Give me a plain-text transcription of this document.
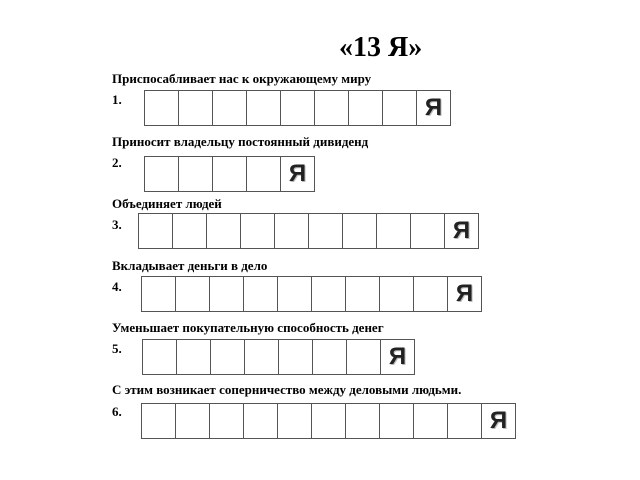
«13 Я»
Приспосабливает нас к окружающему миру
1.	Я
Приносит владельцу постоянный дивиденд
2.	Я
Объединяет людей
3.	Я
Вкладывает деньги в дело
4.	Я
Уменьшает покупательную способность денег
5.	Я
С этим возникает соперничество между деловыми людьми.
6.	Я
